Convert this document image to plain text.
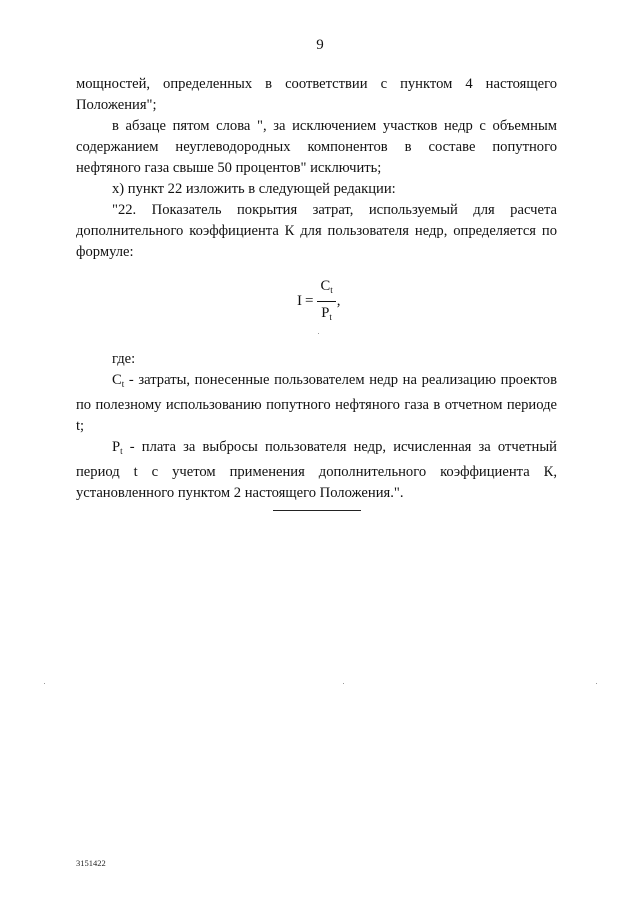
9

мощностей, определенных в соответствии с пунктом 4 настоящего Положения";

в абзаце пятом слова ", за исключением участков недр с объемным содержанием неуглеводородных компонентов в составе попутного нефтяного газа свыше 50 процентов" исключить;

х) пункт 22 изложить в следующей редакции:

"22. Показатель покрытия затрат, используемый для расчета дополнительного коэффициента К для пользователя недр, определяется по формуле:

$I = \frac{C_t}{P_t}$ ,

где:

$C_t$ - затраты, понесенные пользователем недр на реализацию проектов по полезному использованию попутного нефтяного газа в отчетном периоде t;

$P_t$ - плата за выбросы пользователя недр, исчисленная за отчетный период t с учетом применения дополнительного коэффициента К, установленного пунктом 2 настоящего Положения.".

3151422
